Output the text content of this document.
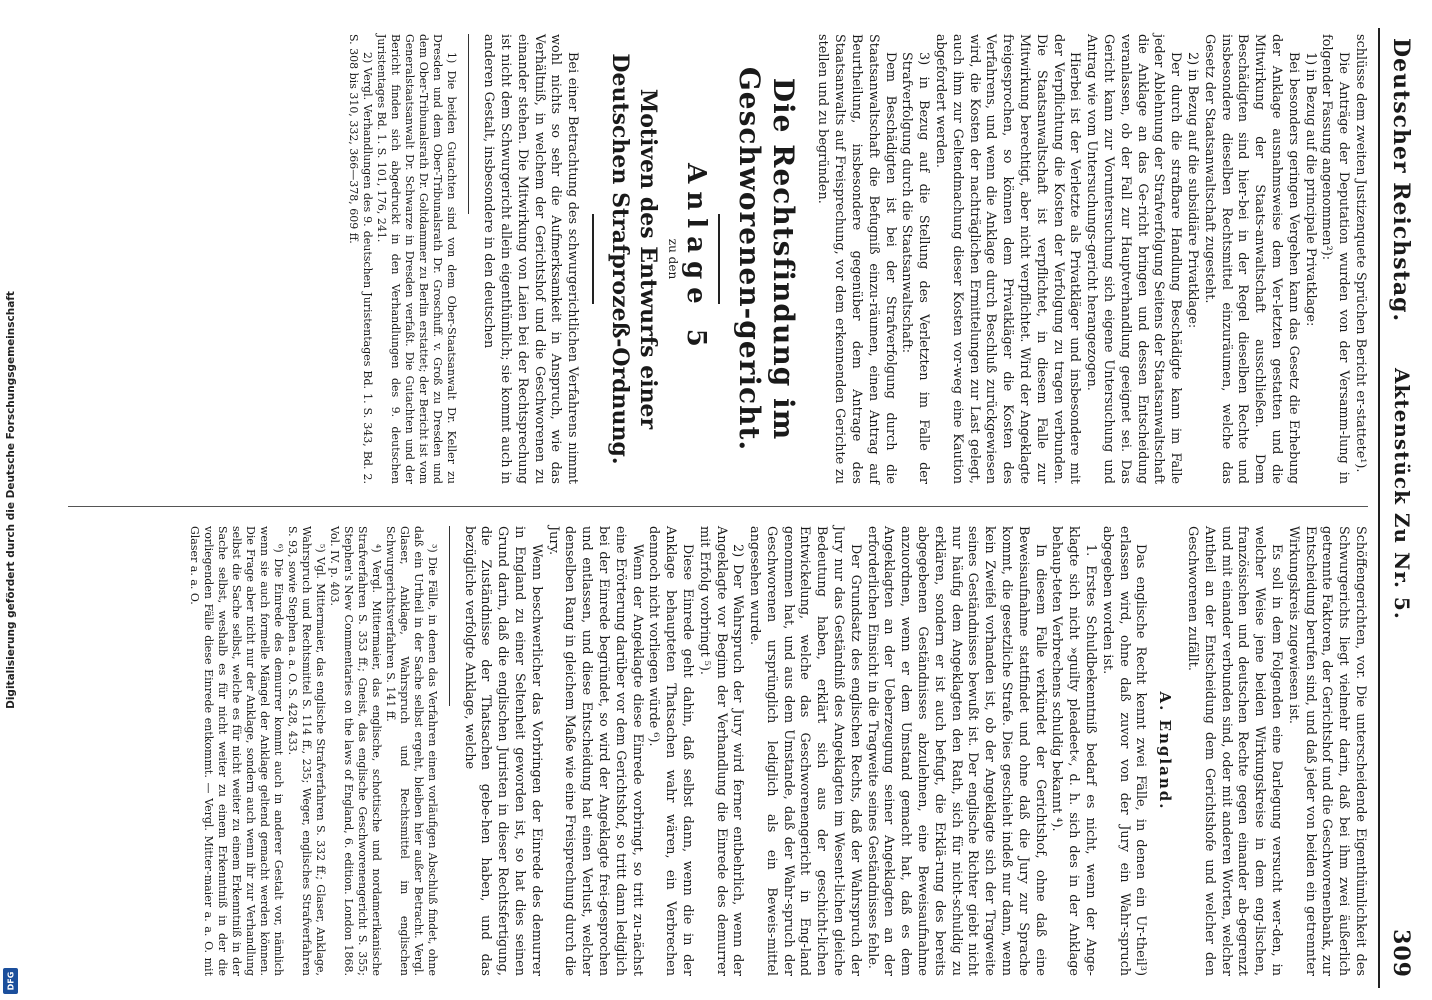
Digitalisierung gefördert durch die Deutsche Forschungsgemeinschaft
DFG
Deutscher Reichstag.
Aktenstück Zu Nr. 5.
309

schlüsse dem zweiten Justizenquete Sprüchen Bericht er-stattete¹).

Die Anträge der Deputation wurden von der Versamm-lung in folgender Fassung angenommen²):

1) in Bezug auf die principale Privatklage:

Bei besonders geringen Vergehen kann das Gesetz die Erhebung der Anklage ausnahmsweise dem Ver-letzten gestatten und die Mitwirkung der Staats-anwaltschaft ausschließen. Dem Beschädigten sind hier-bei in der Regel dieselben Rechte und insbesondere dieselben Rechtsmittel einzuräumen, welche das Gesetz der Staatsanwaltschaft zugesteht.

2) in Bezug auf die subsidiäre Privatklage:

Der durch die strafbare Handlung Beschädigte kann im Falle jeder Ablehnung der Strafverfolgung Seitens der Staatsanwaltschaft die Anklage an das Ge-richt bringen und dessen Entscheidung veranlassen, ob der Fall zur Hauptverhandlung geeignet sei. Das Gericht kann zur Voruntersuchung sich eigene Untersuchung und Antrag wie vom Untersuchungs-gericht herangezogen.

Hierbei ist der Verletzte als Privatkläger und insbesondere mit der Verpflichtung die Kosten der Verfolgung zu tragen verbunden. Die Staatsanwaltschaft ist verpflichtet, in diesem Falle zur Mitwirkung berechtigt, aber nicht verpflichtet. Wird der Angeklagte freigesprochen, so können dem Privatkläger die Kosten des Verfahrens, und wenn die Anklage durch Beschluß zurückgewiesen wird, die Kosten der nachträglichen Ermittelungen zur Last gelegt, auch ihm zur Geltendmachung dieser Kosten vor-weg eine Kaution abgefordert werden.

3) in Bezug auf die Stellung des Verletzten im Falle der Strafverfolgung durch die Staatsanwaltschaft:

Dem Beschädigten ist bei der Strafverfolgung durch die Staatsanwaltschaft die Befugniß einzu-räumen, einen Antrag auf Beurtheilung, insbesondere gegenüber dem Antrage des Staatsanwalts auf Freisprechung, vor dem erkennenden Gerichte zu stellen und zu begründen.

Die Rechtsfindung im Geschworenen-gericht.
Anlage 5
zu den
Motiven des Entwurfs einer Deutschen Strafprozeß-Ordnung.

Bei einer Betrachtung des schwurgerichtlichen Verfahrens nimmt wohl nichts so sehr die Aufmerksamkeit in Anspruch, wie das Verhältniß, in welchem der Gerichtshof und die Geschworenen zu einander stehen. Die Mitwirkung von Laien bei der Rechtsprechung ist nicht dem Schwurgericht allein eigenthümlich; sie kommt auch in anderen Gestalt, insbesondere in den deutschen

1) Die beiden Gutachten sind von dem Ober-Staatsanwalt Dr. Keller zu Dresden und dem Ober-Tribunalsrath Dr. Groschuff. v. Groß zu Dresden und dem Ober-Tribunalsrath Dr. Goltdammer zu Berlin erstattet; der Bericht ist vom Generalstaatsanwalt Dr. Schwarze in Dresden verfaßt. Die Gutachten und der Bericht finden sich abgedruckt in den Verhandlungen des 9. deutschen Juristentages Bd. 1. S. 101, 176, 241.

2) Vergl. Verhandlungen des 9. deutschen Juristentages Bd. 1. S. 343, Bd. 2. S. 308 bis 310, 332, 366—378, 609 ff.

Schöffengerichten, vor. Die unterscheidende Eigenthümlichkeit des Schwurgerichts liegt vielmehr darin, daß bei ihm zwei äußerlich getrennte Faktoren, der Gerichtshof und die Geschworenenbank, zur Entscheidung berufen sind, und daß jeder von beiden ein getrennter Wirkungskreis zugewiesen ist.

Es soll in dem Folgenden eine Darlegung versucht wer-den, in welcher Weise jene beiden Wirkungskreise in dem eng-lischen, französischen und deutschen Rechte gegen einander ab-gegrenzt und mit einander verbunden sind, oder mit anderen Worten, welcher Antheil an der Entscheidung dem Gerichtshofe und welcher den Geschworenen zufällt.

A. England.

Das englische Recht kennt zwei Fälle, in denen ein Ur-theil³) erlassen wird, ohne daß zuvor von der Jury ein Wahr-spruch abgegeben worden ist.

1. Erstes Schuldbekenntniß bedarf es nicht, wenn der Ange-klagte sich nicht »guilty pleadeet«, d. h. sich des in der Anklage behaup-teten Verbrechens schuldig bekannt ⁴).

In diesem Falle verkündet der Gerichtshof, ohne daß eine Beweisaufnahme stattfindet und ohne daß die Jury zur Sprache kommt, die gesetzliche Strafe. Dies geschieht indeß nur dann, wenn kein Zweifel vorhanden ist, ob der Angeklagte sich der Tragweite seines Geständnisses bewußt ist. Der englische Richter giebt nicht nur häufig dem Angeklagten den Rath, sich für nicht-schuldig zu erklären, sondern er ist auch befugt, die Erklä-rung des bereits abgegebenen Geständnisses abzulehnen, eine Beweisaufnahme anzuordnen, wenn er dem Umstand gemacht hat, daß es dem Angeklagten an der Ueberzeugung seiner Angeklagten an der erforderlichen Einsicht in die Tragweite seines Geständnisses fehle.

Der Grundsatz des englischen Rechts, daß der Wahrspruch der Jury nur das Geständniß des Angeklagten im Wesent-lichen gleiche Bedeutung haben, erklärt sich aus der geschicht-lichen Entwickelung, welche das Geschworenengericht in Eng-land genommen hat, und aus dem Umstande, daß der Wahr-spruch der Geschworenen ursprünglich lediglich als ein Beweis-mittel angesehen wurde.

2) Der Wahrspruch der Jury wird ferner entbehrlich, wenn der Angeklagte vor Beginn der Verhandlung die Einrede des demurrer mit Erfolg vorbringt ⁵).

Diese Einrede geht dahin, daß selbst dann, wenn die in der Anklage behaupteten Thatsachen wahr wären, ein Verbrechen dennoch nicht vorliegen würde ⁶).

Wenn der Angeklagte diese Einrede vorbringt, so tritt zu-nächst eine Erörterung darüber vor dem Gerichtshof, so tritt dann lediglich bei der Einrede begründet, so wird der Angeklagte frei-gesprochen und entlassen, und diese Entscheidung hat einen Verlust, welcher denselben Rang in gleichem Maße wie eine Freisprechung durch die Jury.

Wenn beschwerlicher das Vorbringen der Einrede des demurrer in England zu einer Seltenheit geworden ist, so hat dies seinen Grund darin, daß die englischen Juristen in dieser Rechtsfertigung, die Zuständnisse der Thatsachen gebe-hen haben, und das bezügliche verfolgte Anklage, welche

³) Die Fälle, in denen das Verfahren einen vorläufigen Abschluß findet, ohne daß ein Urtheil in der Sache selbst ergeht, bleiben hier außer Betracht. Vergl. Glaser, Anklage, Wahrspruch und Rechtsmittel im englischen Schwurgerichtsverfahren S. 141 ff.

⁴) Vergl. Mittermaier, das englische, schottische und nordamerikanische Strafverfahren S. 353 ff.; Gneist, das englische Geschworenengericht S. 355; Stephen's New Commentaries on the laws of England, 6. edition. London 1868. Vol. IV. p. 403.

⁵) Vgl. Mittermaier, das englische Strafverfahren S. 332 ff.; Glaser, Anklage, Wahrspruch und Rechtsmittel S. 114 ff., 235; Weger, englisches Strafverfahren S. 93, sowie Stephen a. a. O. S. 428, 433.

⁶) Die Einrede des demurrer kommt auch in anderer Gestalt vor, nämlich wenn sie auch formelle Mängel der Anklage geltend gemacht werden können. Die Frage aber nicht nur der Anklage, sondern auch wenn ihr zur Verhandlung selbst die Sache selbst, welche es für nicht weiter zu einem Erkenntniß in der Sache selbst, weshalb es für nicht weiter zu einem Erkenntniß in der die vorliegenden Fälle diese Einrede entkommt. — Vergl. Mitter-maier a. a. O. mit Glaser a. a. O.
